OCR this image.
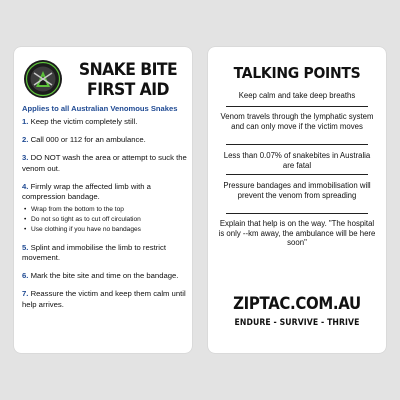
SNAKE BITE
FIRST AID
Applies to all Australian Venomous Snakes
1. Keep the victim completely still.
2. Call 000 or 112 for an ambulance.
3. DO NOT wash the area or attempt to suck the venom out.
4. Firmly wrap the affected limb with a compression bandage.
• Wrap from the bottom to the top
• Do not so tight as to cut off circulation
• Use clothing if you have no bandages
5. Splint and immobilise the limb to restrict movement.
6. Mark the bite site and time on the bandage.
7. Reassure the victim and keep them calm until help arrives.
TALKING POINTS
Keep calm and take deep breaths
Venom travels through the lymphatic system and can only move if the victim moves
Less than 0.07% of snakebites in Australia are fatal
Pressure bandages and immobilisation will prevent the venom from spreading
Explain that help is on the way. "The hospital is only --km away, the ambulance will be here soon"
ZIPTAC.COM.AU
ENDURE - SURVIVE - THRIVE
